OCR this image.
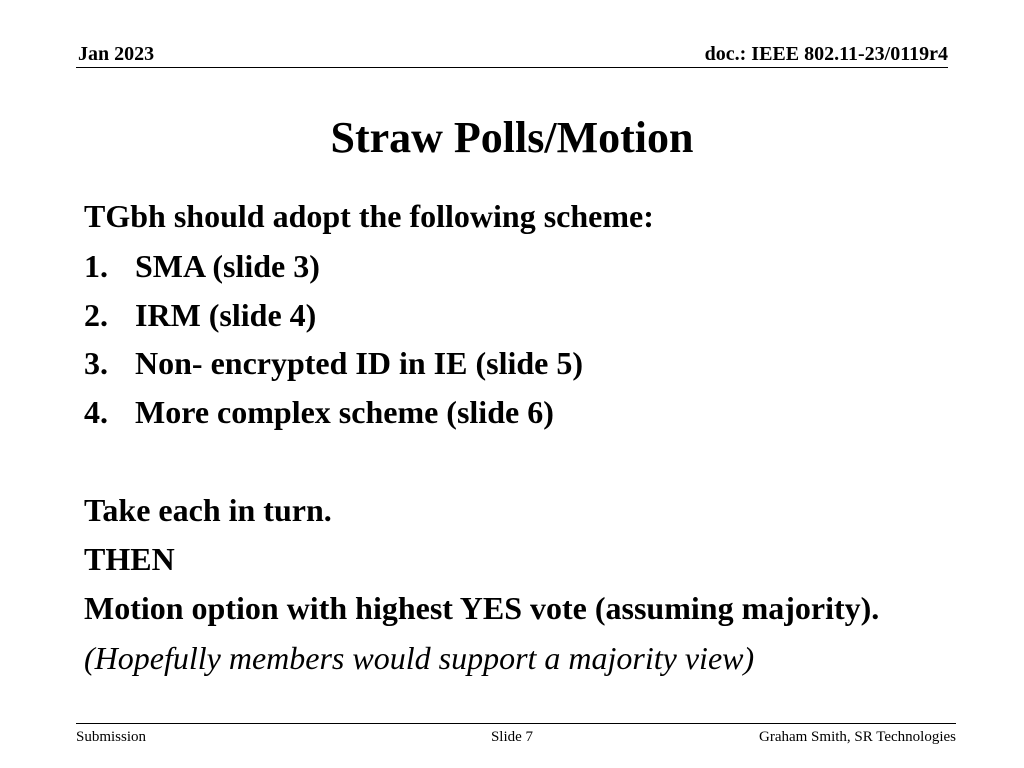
Jan 2023	doc.: IEEE 802.11-23/0119r4
Straw Polls/Motion
TGbh should adopt the following scheme:
1. SMA (slide 3)
2. IRM (slide 4)
3. Non- encrypted ID in IE (slide 5)
4. More complex scheme (slide 6)
Take each in turn.
THEN
Motion option with highest YES vote (assuming majority).
(Hopefully members would support a majority view)
Submission	Slide 7	Graham Smith, SR Technologies
